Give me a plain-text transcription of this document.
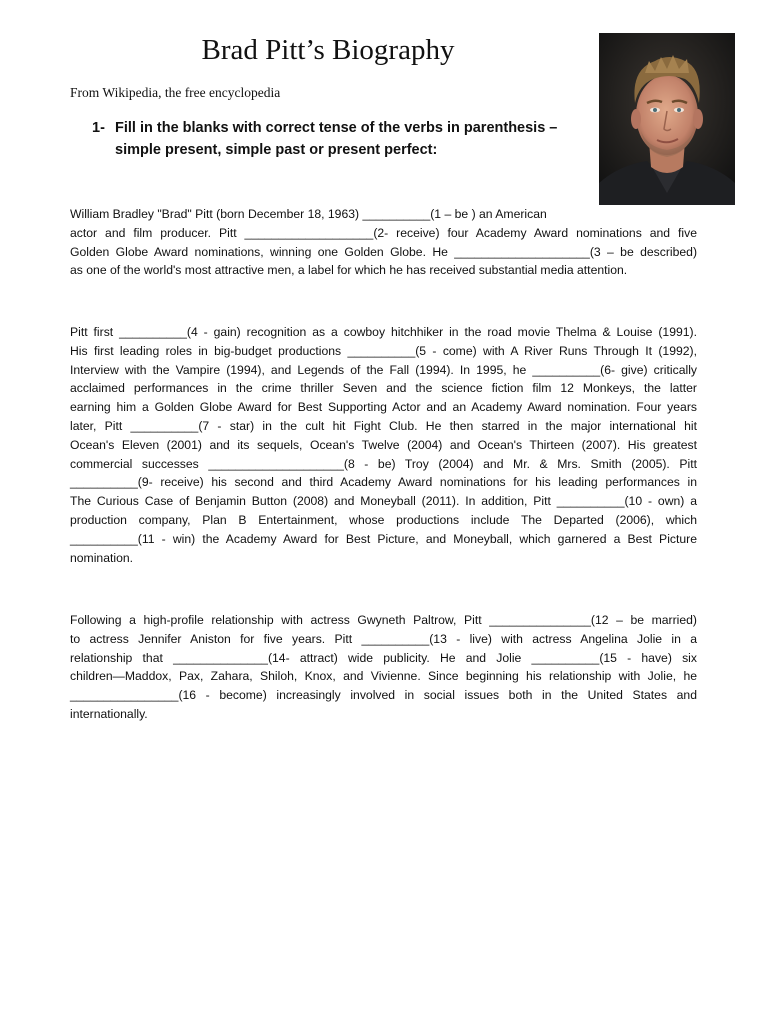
Brad Pitt’s Biography

From Wikipedia, the free encyclopedia

1- Fill in the blanks with correct tense of the verbs in parenthesis – simple present, simple past or present perfect:
William Bradley "Brad" Pitt (born December 18, 1963) __________(1 – be ) an American
actor and film producer. Pitt ___________________(2- receive) four Academy Award nominations and five
Golden Globe Award nominations, winning one Golden Globe. He ____________________(3 – be described)
as one of the world's most attractive men, a label for which he has received substantial media attention.
Pitt first __________(4 - gain) recognition as a cowboy hitchhiker in the road movie Thelma & Louise (1991).
His first leading roles in big-budget productions __________(5 - come) with A River Runs Through It (1992),
Interview with the Vampire (1994), and Legends of the Fall (1994). In 1995, he __________(6- give) critically
acclaimed performances in the crime thriller Seven and the science fiction film 12 Monkeys, the latter
earning him a Golden Globe Award for Best Supporting Actor and an Academy Award nomination. Four years
later, Pitt __________(7 - star) in the cult hit Fight Club. He then starred in the major international hit
Ocean's Eleven (2001) and its sequels, Ocean's Twelve (2004) and Ocean's Thirteen (2007). His greatest
commercial successes ____________________(8 - be) Troy (2004) and Mr. & Mrs. Smith (2005). Pitt
__________(9- receive) his second and third Academy Award nominations for his leading performances in
The Curious Case of Benjamin Button (2008) and Moneyball (2011). In addition, Pitt __________(10 - own) a
production company, Plan B Entertainment, whose productions include The Departed (2006), which
__________(11 - win) the Academy Award for Best Picture, and Moneyball, which garnered a Best Picture
nomination.
Following a high-profile relationship with actress Gwyneth Paltrow, Pitt _______________(12 – be married)
to actress Jennifer Aniston for five years. Pitt __________(13 - live) with actress Angelina Jolie in a
relationship that ______________(14- attract) wide publicity. He and Jolie __________(15 - have) six
children—Maddox, Pax, Zahara, Shiloh, Knox, and Vivienne. Since beginning his relationship with Jolie, he
________________(16 - become) increasingly involved in social issues both in the United States and
internationally.
